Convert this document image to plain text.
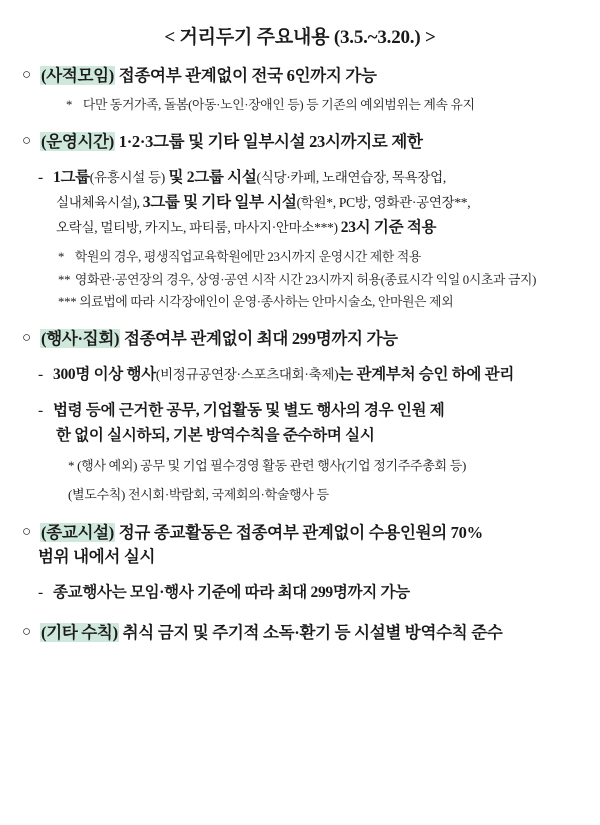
< 거리두기 주요내용 (3.5.~3.20.) >
○ (사적모임) 접종여부 관계없이 전국 6인까지 가능
* 다만 동거가족, 돌봄(아동·노인·장애인 등) 등 기존의 예외범위는 계속 유지
○ (운영시간) 1·2·3그룹 및 기타 일부시설 23시까지로 제한
- 1그룹(유흥시설 등) 및 2그룹 시설(식당·카페, 노래연습장, 목욕장업,
실내체육시설), 3그룹 및 기타 일부 시설(학원*, PC방, 영화관·공연장**,
오락실, 멀티방, 카지노, 파티룸, 마사지·안마소***) 23시 기준 적용
* 학원의 경우, 평생직업교육학원에만 23시까지 운영시간 제한 적용
** 영화관·공연장의 경우, 상영·공연 시작 시간 23시까지 허용(종료시각 익일 0시초과 금지)
*** 의료법에 따라 시각장애인이 운영·종사하는 안마시술소, 안마원은 제외
○ (행사·집회) 접종여부 관계없이 최대 299명까지 가능
- 300명 이상 행사(비정규공연장·스포츠대회·축제)는 관계부처 승인 하에 관리
- 법령 등에 근거한 공무, 기업활동 및 별도 행사의 경우 인원 제
한 없이 실시하되, 기본 방역수칙을 준수하며 실시
* (행사 예외) 공무 및 기업 필수경영 활동 관련 행사(기업 정기주주총회 등)
(별도수칙) 전시회·박람회, 국제회의·학술행사 등
○ (종교시설) 정규 종교활동은 접종여부 관계없이 수용인원의 70%
범위 내에서 실시
- 종교행사는 모임·행사 기준에 따라 최대 299명까지 가능
○ (기타 수칙) 취식 금지 및 주기적 소독·환기 등 시설별 방역수칙 준수
